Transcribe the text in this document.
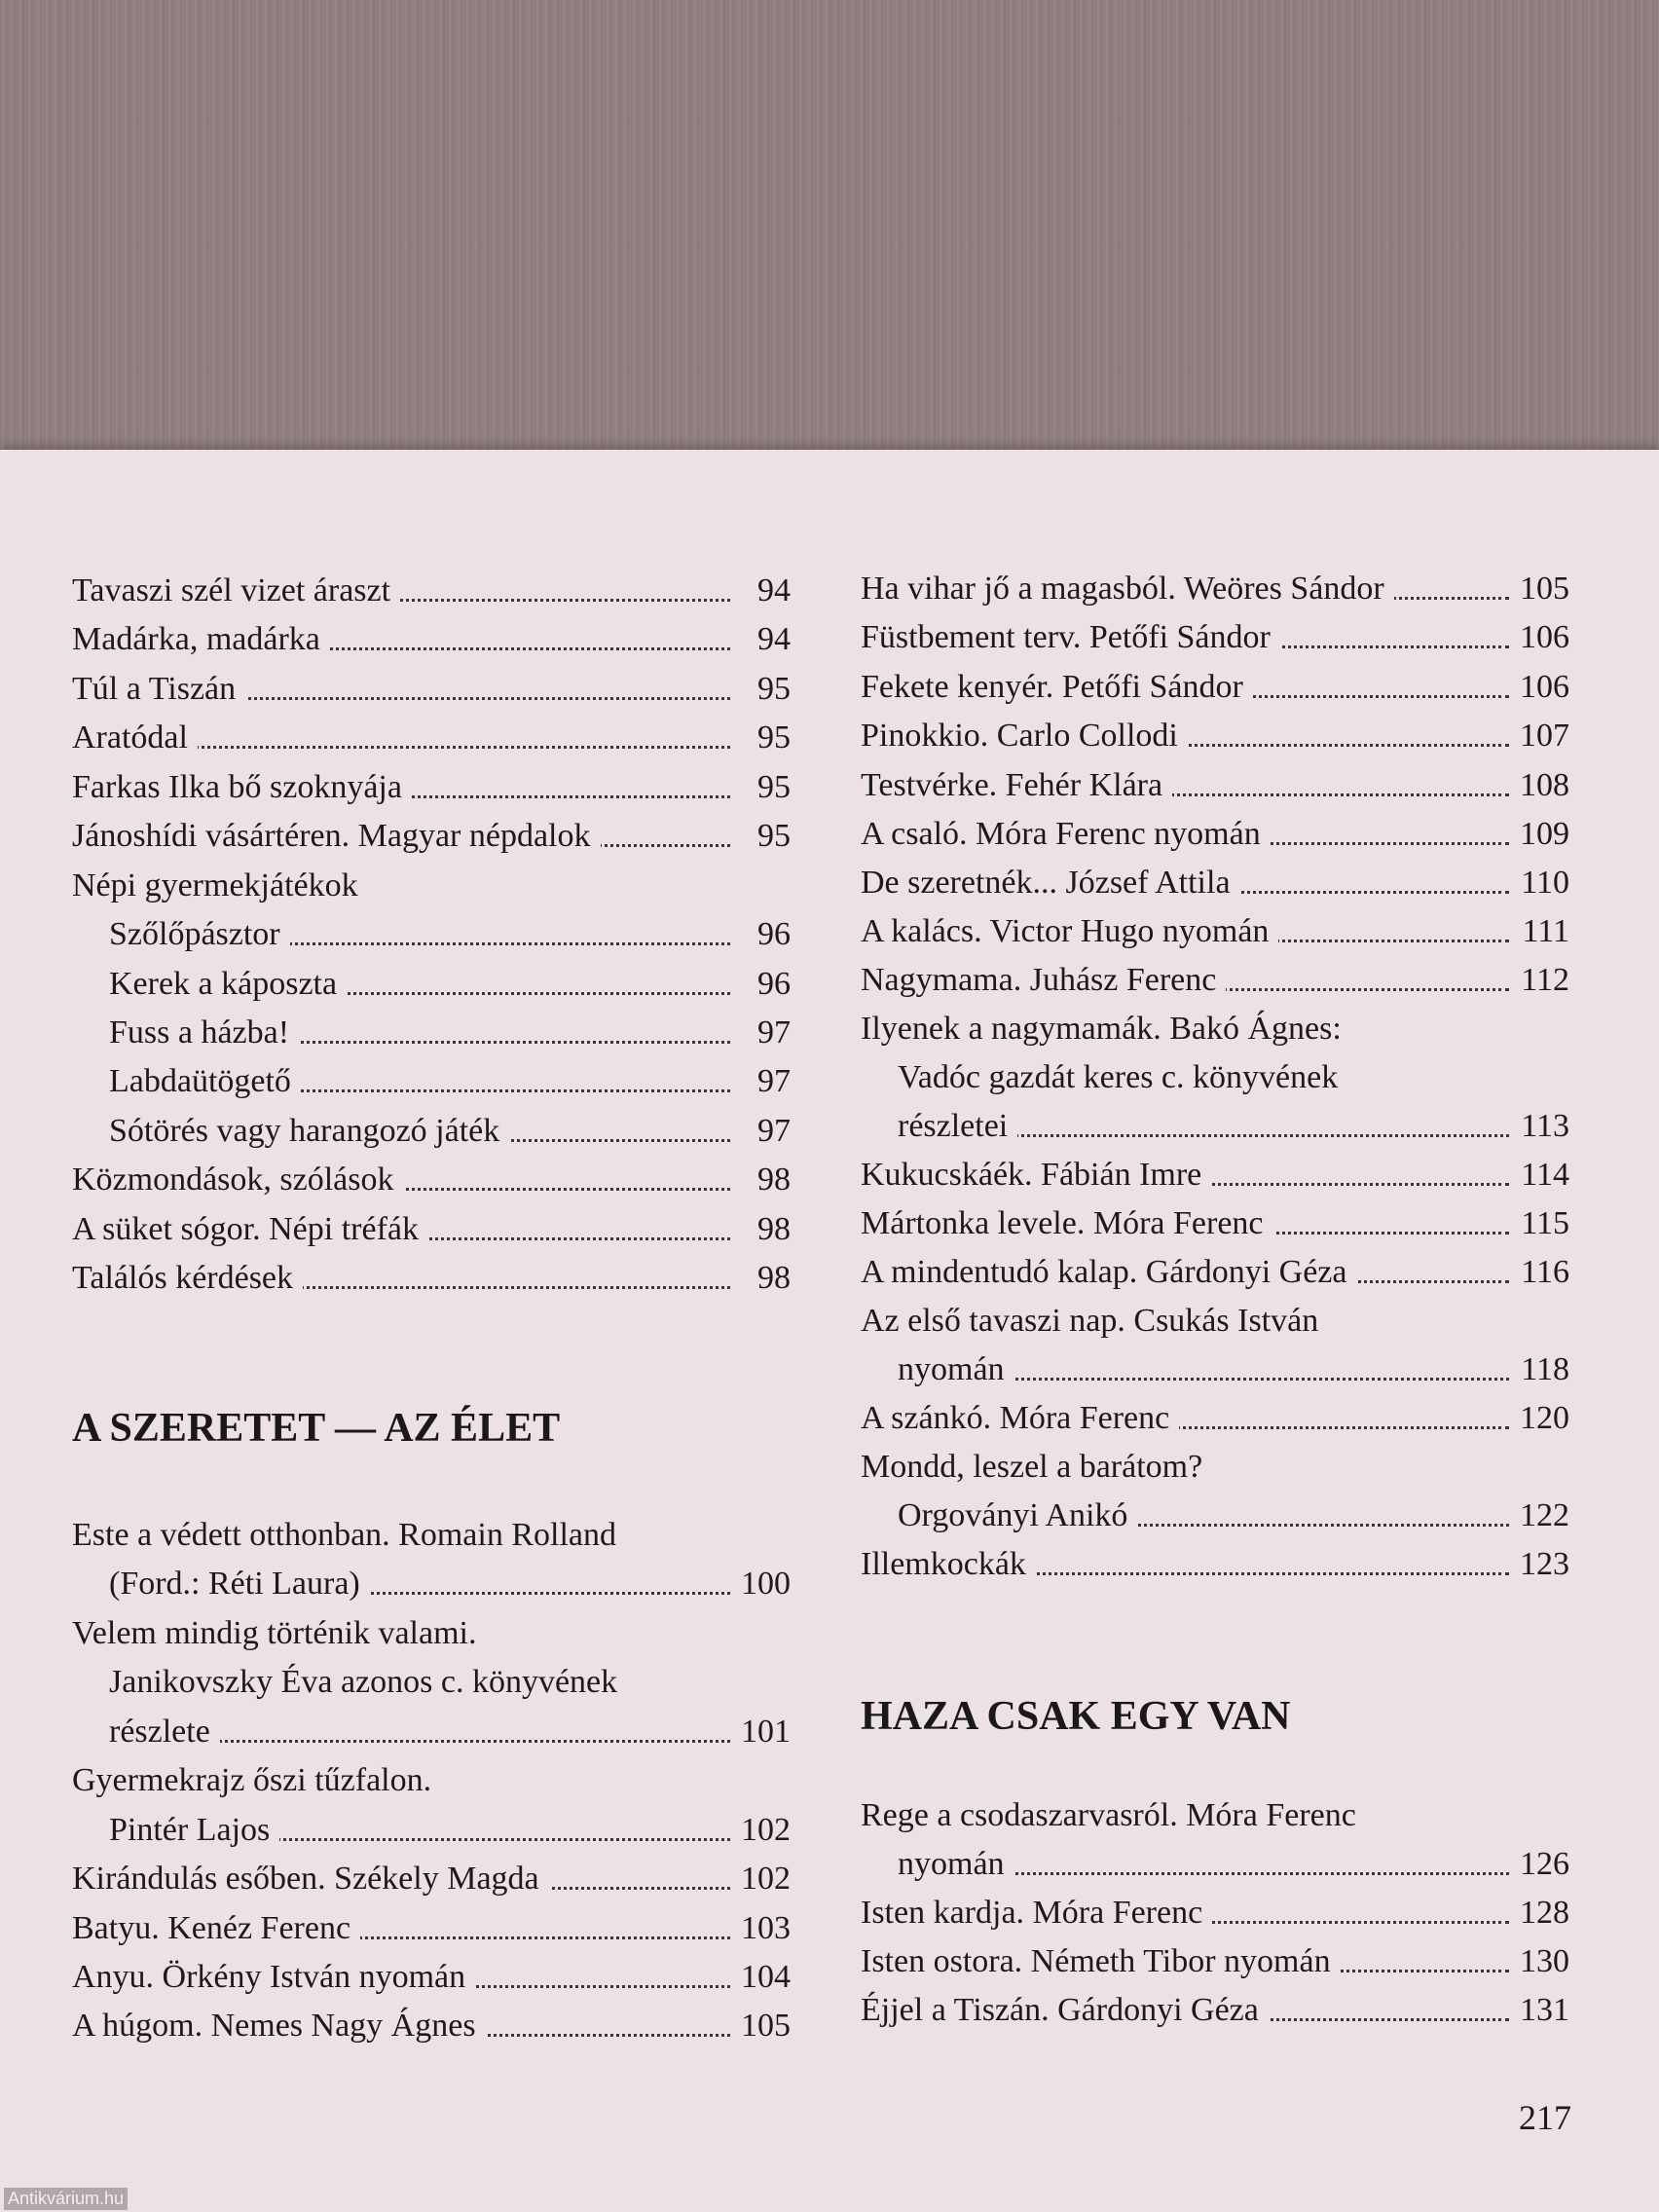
Tavaszi szél vizet áraszt	94
Madárka, madárka	94
Túl a Tiszán	95
Aratódal	95
Farkas Ilka bő szoknyája	95
Jánoshídi vásártéren. Magyar népdalok	95
Népi gyermekjátékok
Szőlőpásztor	96
Kerek a káposzta	96
Fuss a házba!	97
Labdaütögető	97
Sótörés vagy harangozó játék	97
Közmondások, szólások	98
A süket sógor. Népi tréfák	98
Találós kérdések	98
A SZERETET — AZ ÉLET
Este a védett otthonban. Romain Rolland
(Ford.: Réti Laura)	100
Velem mindig történik valami.
Janikovszky Éva azonos c. könyvének
részlete	101
Gyermekrajz őszi tűzfalon.
Pintér Lajos	102
Kirándulás esőben. Székely Magda	102
Batyu. Kenéz Ferenc	103
Anyu. Örkény István nyomán	104
A húgom. Nemes Nagy Ágnes	105
Ha vihar jő a magasból. Weöres Sándor	105
Füstbement terv. Petőfi Sándor	106
Fekete kenyér. Petőfi Sándor	106
Pinokkio. Carlo Collodi	107
Testvérke. Fehér Klára	108
A csaló. Móra Ferenc nyomán	109
De szeretnék... József Attila	110
A kalács. Victor Hugo nyomán	111
Nagymama. Juhász Ferenc	112
Ilyenek a nagymamák. Bakó Ágnes:
Vadóc gazdát keres c. könyvének
részletei	113
Kukucskáék. Fábián Imre	114
Mártonka levele. Móra Ferenc	115
A mindentudó kalap. Gárdonyi Géza	116
Az első tavaszi nap. Csukás István
nyomán	118
A szánkó. Móra Ferenc	120
Mondd, leszel a barátom?
Orgoványi Anikó	122
Illemkockák	123
HAZA CSAK EGY VAN
Rege a csodaszarvasról. Móra Ferenc
nyomán	126
Isten kardja. Móra Ferenc	128
Isten ostora. Németh Tibor nyomán	130
Éjjel a Tiszán. Gárdonyi Géza	131
217
Antikvárium.hu
